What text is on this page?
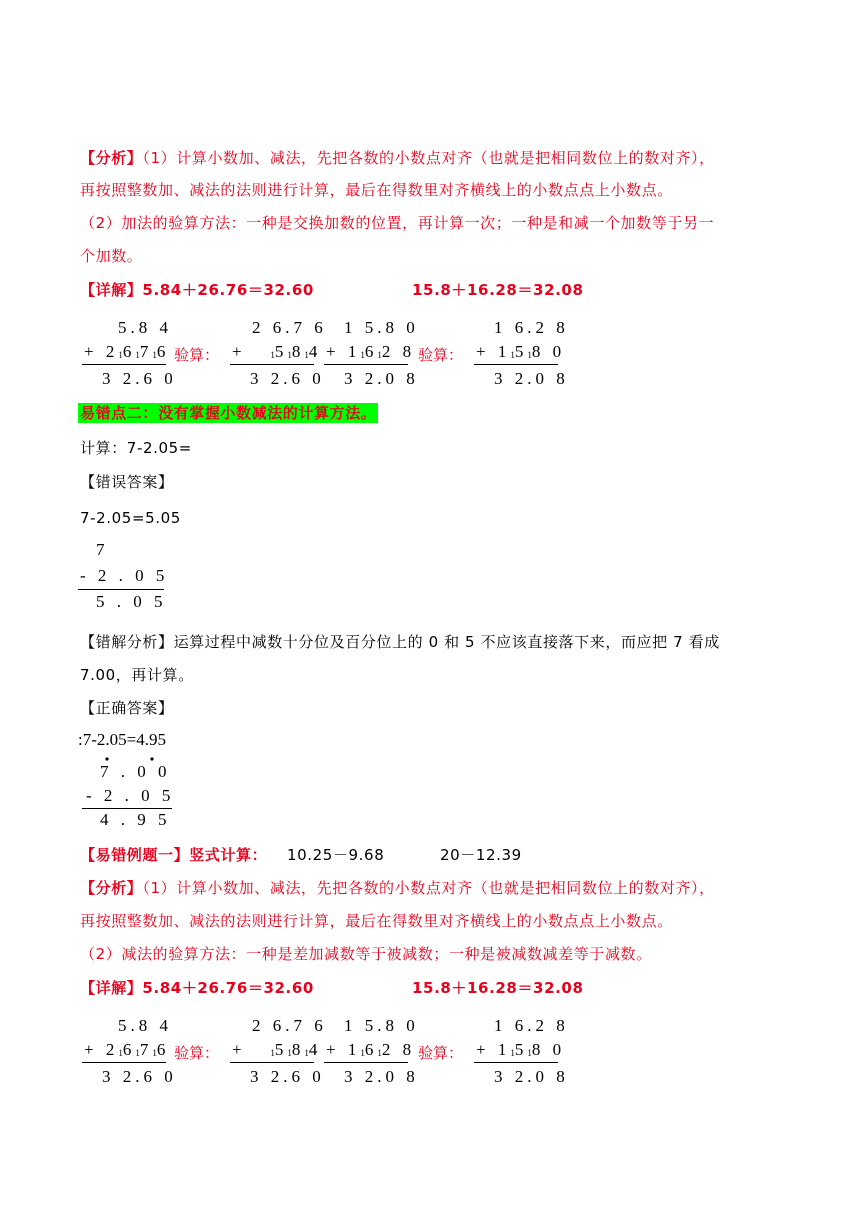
【分析】（1）计算小数加、减法，先把各数的小数点对齐（也就是把相同数位上的数对齐），
再按照整数加、减法的法则进行计算，最后在得数里对齐横线上的小数点点上小数点。
（2）加法的验算方法：一种是交换加数的位置，再计算一次；一种是和减一个加数等于另一
个加数。
【详解】5.84＋26.76＝32.60	15.8＋16.28＝32.08
5.8 4
+ $2_16_17_16$
3 2.6 0
验算：
2 6.7 6
+   $_15_18_14$
3 2.6 0
1 5.8 0
+ $1_16_12$ 8
3 2.0 8
验算：
1 6.2 8
+ $1_15_18$ 0
3 2.0 8
易错点二：没有掌握小数减法的计算方法。
计算：7-2.05=
【错误答案】
7-2.05=5.05
7
- 2 . 0 5
5 . 0 5
【错解分析】运算过程中减数十分位及百分位上的 0 和 5 不应该直接落下来，而应把 7 看成
7.00，再计算。
【正确答案】
:7-2.05=4.95
7 . 0 0
- 2 . 0 5
4 . 9 5
【易错例题一】竖式计算： 10.25－9.68	20－12.39
【分析】（1）计算小数加、减法，先把各数的小数点对齐（也就是把相同数位上的数对齐），
再按照整数加、减法的法则进行计算，最后在得数里对齐横线上的小数点点上小数点。
（2）减法的验算方法：一种是差加减数等于被减数；一种是被减数减差等于减数。
【详解】5.84＋26.76＝32.60	15.8＋16.28＝32.08
5.8 4
+ $2_16_17_16$
3 2.6 0
验算：
2 6.7 6
+   $_15_18_14$
3 2.6 0
1 5.8 0
+ $1_16_12$ 8
3 2.0 8
验算：
1 6.2 8
+ $1_15_18$ 0
3 2.0 8
